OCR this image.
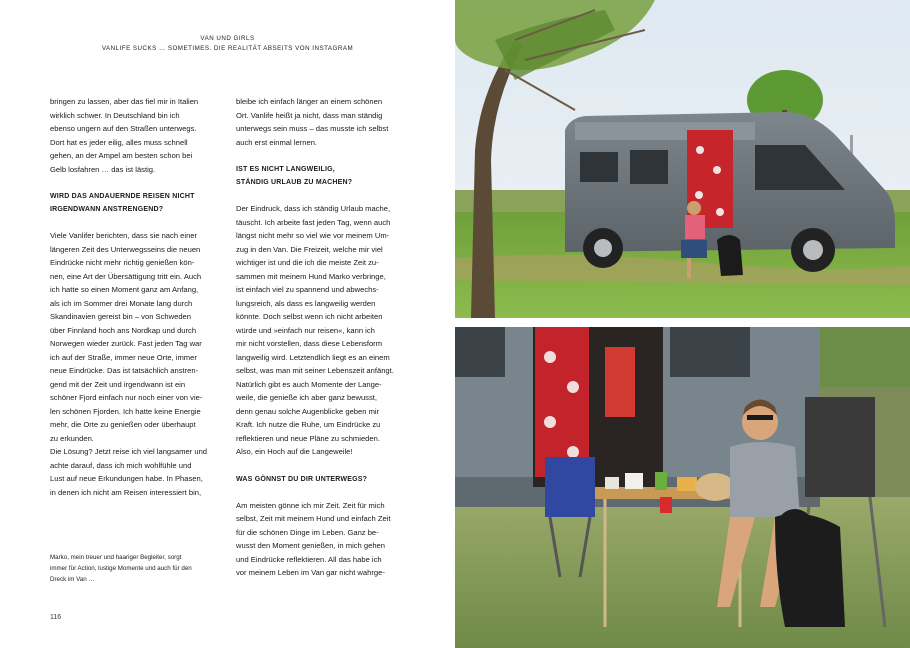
VAN UND GIRLS
VANLIFE SUCKS … SOMETIMES. DIE REALITÄT ABSEITS VON INSTAGRAM

bringen zu lassen, aber das fiel mir in Italien
wirklich schwer. In Deutschland bin ich
ebenso ungern auf den Straßen unterwegs.
Dort hat es jeder eilig, alles muss schnell
gehen, an der Ampel am besten schon bei
Gelb losfahren … das ist lästig.

WIRD DAS ANDAUERNDE REISEN NICHT
IRGENDWANN ANSTRENGEND?

Viele Vanlifer berichten, dass sie nach einer
längeren Zeit des Unterwegsseins die neuen
Eindrücke nicht mehr richtig genießen kön-
nen, eine Art der Übersättigung tritt ein. Auch
ich hatte so einen Moment ganz am Anfang,
als ich im Sommer drei Monate lang durch
Skandinavien gereist bin – von Schweden
über Finnland hoch ans Nordkap und durch
Norwegen wieder zurück. Fast jeden Tag war
ich auf der Straße, immer neue Orte, immer
neue Eindrücke. Das ist tatsächlich anstren-
gend mit der Zeit und irgendwann ist ein
schöner Fjord einfach nur noch einer von vie-
len schönen Fjorden. Ich hatte keine Energie
mehr, die Orte zu genießen oder überhaupt
zu erkunden.
Die Lösung? Jetzt reise ich viel langsamer und
achte darauf, dass ich mich wohlfühle und
Lust auf neue Erkundungen habe. In Phasen,
in denen ich nicht am Reisen interessiert bin,

bleibe ich einfach länger an einem schönen
Ort. Vanlife heißt ja nicht, dass man ständig
unterwegs sein muss – das musste ich selbst
auch erst einmal lernen.

IST ES NICHT LANGWEILIG,
STÄNDIG URLAUB ZU MACHEN?

Der Eindruck, dass ich ständig Urlaub mache,
täuscht. Ich arbeite fast jeden Tag, wenn auch
längst nicht mehr so viel wie vor meinem Um-
zug in den Van. Die Freizeit, welche mir viel
wichtiger ist und die ich die meiste Zeit zu-
sammen mit meinem Hund Marko verbringe,
ist einfach viel zu spannend und abwechs-
lungsreich, als dass es langweilig werden
könnte. Doch selbst wenn ich nicht arbeiten
würde und »einfach nur reisen«, kann ich
mir nicht vorstellen, dass diese Lebensform
langweilig wird. Letztendlich liegt es an einem
selbst, was man mit seiner Lebenszeit anfängt.
Natürlich gibt es auch Momente der Lange-
weile, die genieße ich aber ganz bewusst,
denn genau solche Augenblicke geben mir
Kraft. Ich nutze die Ruhe, um Eindrücke zu
reflektieren und neue Pläne zu schmieden.
Also, ein Hoch auf die Langeweile!

WAS GÖNNST DU DIR UNTERWEGS?

Am meisten gönne ich mir Zeit. Zeit für mich
selbst, Zeit mit meinem Hund und einfach Zeit
für die schönen Dinge im Leben. Ganz be-
wusst den Moment genießen, in mich gehen
und Eindrücke reflektieren. All das habe ich
vor meinem Leben im Van gar nicht wahrge-

Marko, mein treuer und haariger Begleiter, sorgt
immer für Action, lustige Momente und auch für den
Dreck im Van …
116
